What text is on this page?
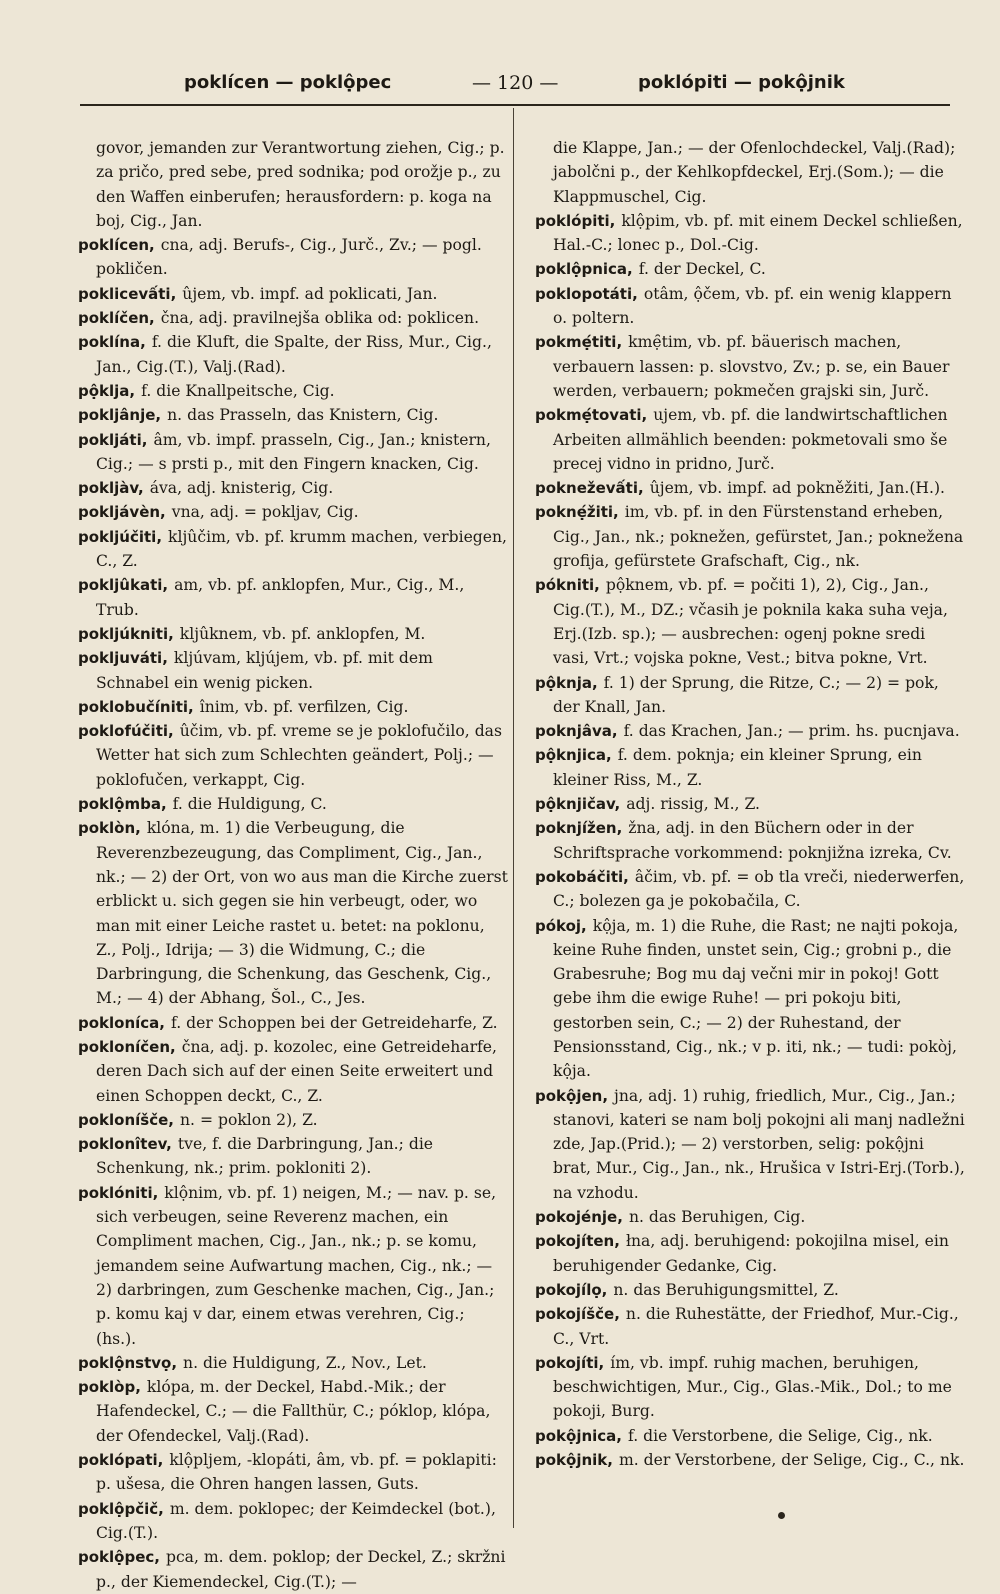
poklícen — poklộpec	— 120 —	poklópiti — pokộjnik

govor, jemanden zur Verantwortung ziehen, Cig.; p. za pričo, pred sebe, pred sodnika; pod orožje p., zu den Waffen einberufen; herausfordern: p. koga na boj, Cig., Jan.

poklícen, cna, adj. Berufs-, Cig., Jurč., Zv.; — pogl. pokličen.

poklicevấti, ûjem, vb. impf. ad poklicati, Jan.

poklíčen, čna, adj. pravilnejša oblika od: poklicen.

poklína, f. die Kluft, die Spalte, der Riss, Mur., Cig., Jan., Cig.(T.), Valj.(Rad).

pộklja, f. die Knallpeitsche, Cig.

pokljânje, n. das Prasseln, das Knistern, Cig.

pokljáti, âm, vb. impf. prasseln, Cig., Jan.; knistern, Cig.; — s prsti p., mit den Fingern knacken, Cig.

pokljàv, áva, adj. knisterig, Cig.

pokljávèn, vna, adj. = pokljav, Cig.

pokljúčiti, kljûčim, vb. pf. krumm machen, verbiegen, C., Z.

pokljûkati, am, vb. pf. anklopfen, Mur., Cig., M., Trub.

pokljúkniti, kljûknem, vb. pf. anklopfen, M.

pokljuváti, kljúvam, kljújem, vb. pf. mit dem Schnabel ein wenig picken.

poklobučíniti, înim, vb. pf. verfilzen, Cig.

poklofúčiti, ûčim, vb. pf. vreme se je poklofučilo, das Wetter hat sich zum Schlechten geändert, Polj.; — poklofučen, verkappt, Cig.

poklộmba, f. die Huldigung, C.

poklòn, klóna, m. 1) die Verbeugung, die Reverenzbezeugung, das Compliment, Cig., Jan., nk.; — 2) der Ort, von wo aus man die Kirche zuerst erblickt u. sich gegen sie hin verbeugt, oder, wo man mit einer Leiche rastet u. betet: na poklonu, Z., Polj., Idrija; — 3) die Widmung, C.; die Darbringung, die Schenkung, das Geschenk, Cig., M.; — 4) der Abhang, Šol., C., Jes.

poklonı́ca, f. der Schoppen bei der Getreideharfe, Z.

pokloníčen, čna, adj. p. kozolec, eine Getreideharfe, deren Dach sich auf der einen Seite erweitert und einen Schoppen deckt, C., Z.

pokloníšče, n. = poklon 2), Z.

poklonı̂tev, tve, f. die Darbringung, Jan.; die Schenkung, nk.; prim. pokloniti 2).

poklóniti, klộnim, vb. pf. 1) neigen, M.; — nav. p. se, sich verbeugen, seine Reverenz machen, ein Compliment machen, Cig., Jan., nk.; p. se komu, jemandem seine Aufwartung machen, Cig., nk.; — 2) darbringen, zum Geschenke machen, Cig., Jan.; p. komu kaj v dar, einem etwas verehren, Cig.; (hs.).

poklộnstvọ, n. die Huldigung, Z., Nov., Let.

poklòp, klópa, m. der Deckel, Habd.-Mik.; der Hafendeckel, C.; — die Fallthür, C.; póklop, klópa, der Ofendeckel, Valj.(Rad).

poklópati, klộpljem, -klopáti, âm, vb. pf. = poklapiti: p. ušesa, die Ohren hangen lassen, Guts.

poklộpčič, m. dem. poklopec; der Keimdeckel (bot.), Cig.(T.).

poklộpec, pca, m. dem. poklop; der Deckel, Z.; skržni p., der Kiemendeckel, Cig.(T.); —

die Klappe, Jan.; — der Ofenlochdeckel, Valj.(Rad); jabolčni p., der Kehlkopfdeckel, Erj.(Som.); — die Klappmuschel, Cig.

poklópiti, klộpim, vb. pf. mit einem Deckel schließen, Hal.-C.; lonec p., Dol.-Cig.

poklộpnica, f. der Deckel, C.

poklopotáti, otâm, ộčem, vb. pf. ein wenig klappern o. poltern.

pokmẹ́titi, kmẹ̑tim, vb. pf. bäuerisch machen, verbauern lassen: p. slovstvo, Zv.; p. se, ein Bauer werden, verbauern; pokmečen grajski sin, Jurč.

pokmẹ́tovati, ujem, vb. pf. die landwirtschaftlichen Arbeiten allmählich beenden: pokmetovali smo še precej vidno in pridno, Jurč.

pokneževấti, ûjem, vb. impf. ad pokněžiti, Jan.(H.).

poknẹ́žiti, im, vb. pf. in den Fürstenstand erheben, Cig., Jan., nk.; poknežen, gefürstet, Jan.; poknežena grofija, gefürstete Grafschaft, Cig., nk.

pókniti, pộknem, vb. pf. = počiti 1), 2), Cig., Jan., Cig.(T.), M., DZ.; včasih je poknila kaka suha veja, Erj.(Izb. sp.); — ausbrechen: ogenj pokne sredi vasi, Vrt.; vojska pokne, Vest.; bitva pokne, Vrt.

pộknja, f. 1) der Sprung, die Ritze, C.; — 2) = pok, der Knall, Jan.

poknjâva, f. das Krachen, Jan.; — prim. hs. pucnjava.

pộknjica, f. dem. poknja; ein kleiner Sprung, ein kleiner Riss, M., Z.

pộknjičav, adj. rissig, M., Z.

poknjížen, žna, adj. in den Büchern oder in der Schriftsprache vorkommend: poknjižna izreka, Cv.

pokobáčiti, âčim, vb. pf. = ob tla vreči, niederwerfen, C.; bolezen ga je pokobačila, C.

pókoj, kộja, m. 1) die Ruhe, die Rast; ne najti pokoja, keine Ruhe finden, unstet sein, Cig.; grobni p., die Grabesruhe; Bog mu daj večni mir in pokoj! Gott gebe ihm die ewige Ruhe! — pri pokoju biti, gestorben sein, C.; — 2) der Ruhestand, der Pensionsstand, Cig., nk.; v p. iti, nk.; — tudi: pokòj, kộja.

pokộjen, jna, adj. 1) ruhig, friedlich, Mur., Cig., Jan.; stanovi, kateri se nam bolj pokojni ali manj nadležni zde, Jap.(Prid.); — 2) verstorben, selig: pokộjni brat, Mur., Cig., Jan., nk., Hrušica v Istri-Erj.(Torb.), na vzhodu.

pokojénje, n. das Beruhigen, Cig.

pokojíten, łna, adj. beruhigend: pokojilna misel, ein beruhigender Gedanke, Cig.

pokojílọ, n. das Beruhigungsmittel, Z.

pokojíšče, n. die Ruhestätte, der Friedhof, Mur.-Cig., C., Vrt.

pokojíti, ím, vb. impf. ruhig machen, beruhigen, beschwichtigen, Mur., Cig., Glas.-Mik., Dol.; to me pokoji, Burg.

pokộjnica, f. die Verstorbene, die Selige, Cig., nk.

pokộjnik, m. der Verstorbene, der Selige, Cig., C., nk.
